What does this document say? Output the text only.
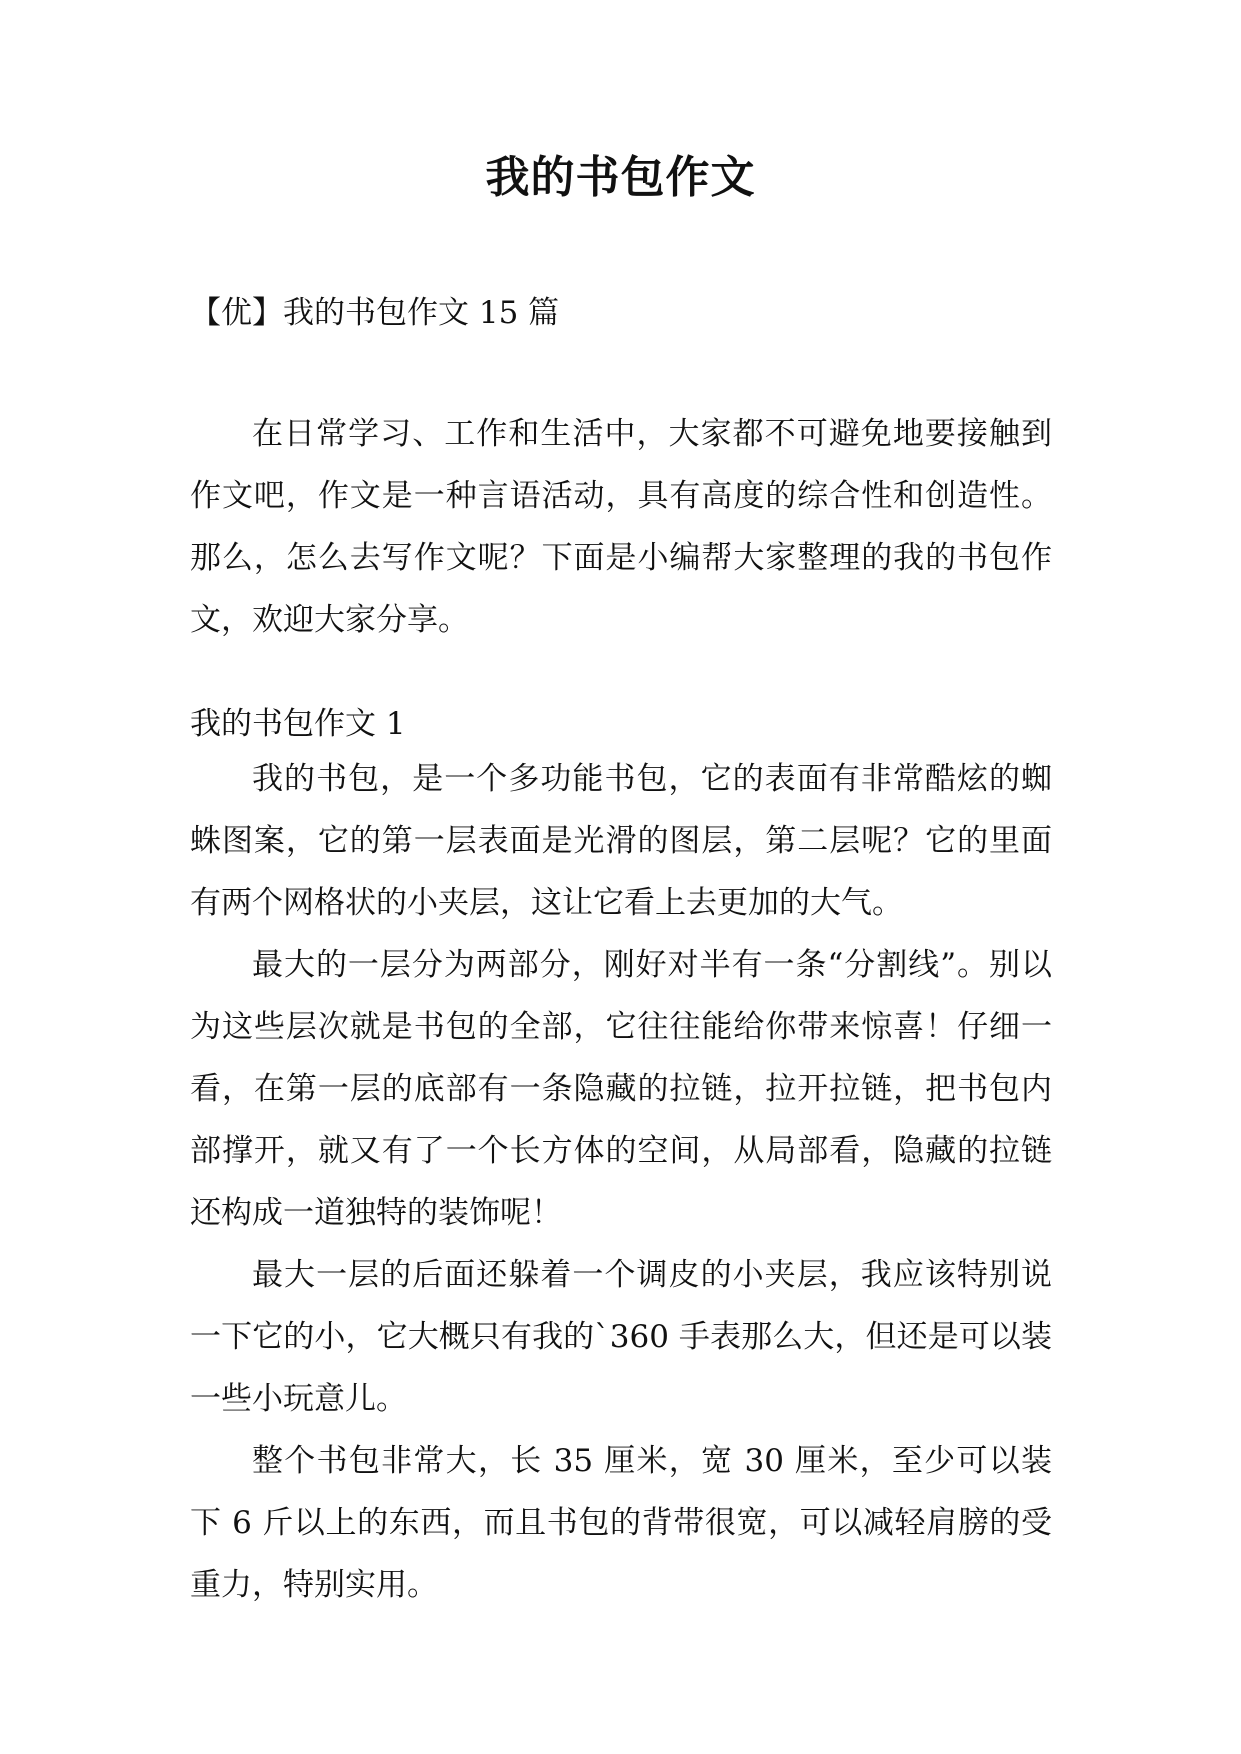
我的书包作文
【优】我的书包作文 15 篇

在日常学习、工作和生活中，大家都不可避免地要接触到作文吧，作文是一种言语活动，具有高度的综合性和创造性。那么，怎么去写作文呢？下面是小编帮大家整理的我的书包作文，欢迎大家分享。

我的书包作文 1

我的书包，是一个多功能书包，它的表面有非常酷炫的蜘蛛图案，它的第一层表面是光滑的图层，第二层呢？它的里面有两个网格状的小夹层，这让它看上去更加的大气。

最大的一层分为两部分，刚好对半有一条“分割线”。别以为这些层次就是书包的全部，它往往能给你带来惊喜！仔细一看，在第一层的底部有一条隐藏的拉链，拉开拉链，把书包内部撑开，就又有了一个长方体的空间，从局部看，隐藏的拉链还构成一道独特的装饰呢！

最大一层的后面还躲着一个调皮的小夹层，我应该特别说一下它的小，它大概只有我的`360 手表那么大，但还是可以装一些小玩意儿。

整个书包非常大，长 35 厘米，宽 30 厘米，至少可以装下 6 斤以上的东西，而且书包的背带很宽，可以减轻肩膀的受重力，特别实用。
